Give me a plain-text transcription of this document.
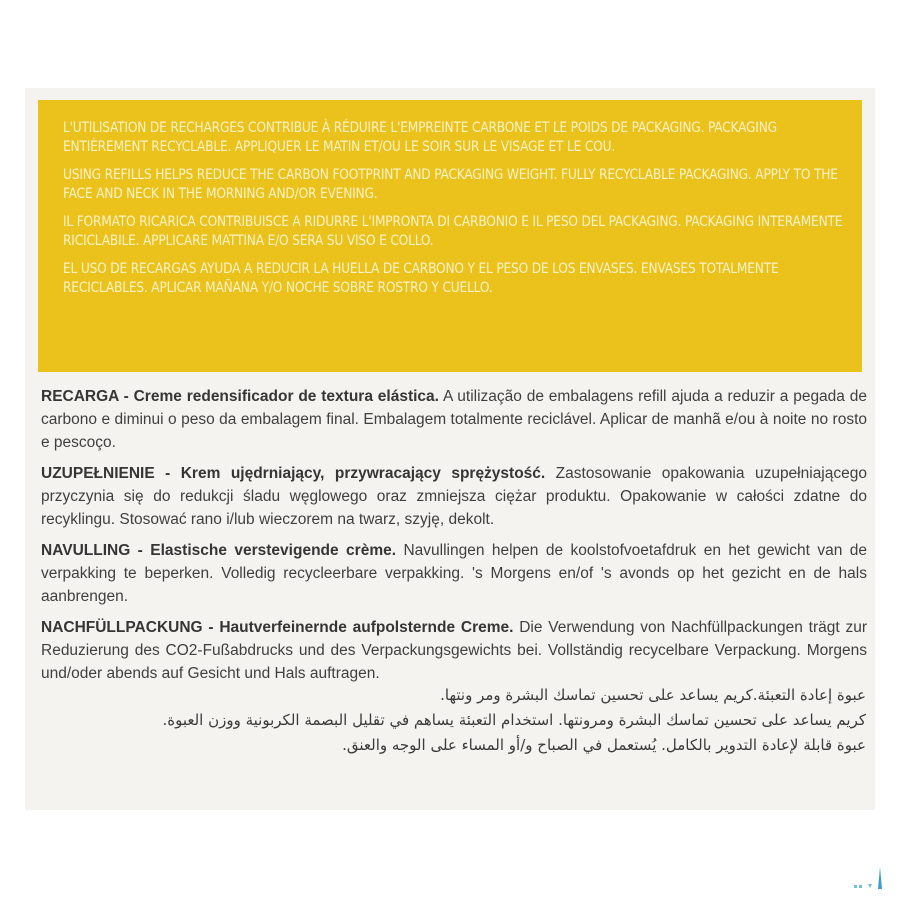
L'UTILISATION DE RECHARGES CONTRIBUE À RÉDUIRE L'EMPREINTE CARBONE ET LE POIDS DE PACKAGING. PACKAGING ENTIÈREMENT RECYCLABLE. APPLIQUER LE MATIN ET/OU LE SOIR SUR LE VISAGE ET LE COU.

USING REFILLS HELPS REDUCE THE CARBON FOOTPRINT AND PACKAGING WEIGHT. FULLY RECYCLABLE PACKAGING. APPLY TO THE FACE AND NECK IN THE MORNING AND/OR EVENING.

IL FORMATO RICARICA CONTRIBUISCE A RIDURRE L'IMPRONTA DI CARBONIO E IL PESO DEL PACKAGING. PACKAGING INTERAMENTE RICICLABILE. APPLICARE MATTINA E/O SERA SU VISO E COLLO.

EL USO DE RECARGAS AYUDA A REDUCIR LA HUELLA DE CARBONO Y EL PESO DE LOS ENVASES. ENVASES TOTALMENTE RECICLABLES. APLICAR MAÑANA Y/O NOCHE SOBRE ROSTRO Y CUELLO.

RECARGA - Creme redensificador de textura elástica. A utilização de embalagens refill ajuda a reduzir a pegada de carbono e diminui o peso da embalagem final. Embalagem totalmente reciclável. Aplicar de manhã e/ou à noite no rosto e pescoço.

UZUPEŁNIENIE - Krem ujędrniający, przywracający sprężystość. Zastosowanie opakowania uzupełniającego przyczynia się do redukcji śladu węglowego oraz zmniejsza ciężar produktu. Opakowanie w całości zdatne do recyklingu. Stosować rano i/lub wieczorem na twarz, szyję, dekolt.

NAVULLING - Elastische verstevigende crème. Navullingen helpen de koolstofvoetafdruk en het gewicht van de verpakking te beperken. Volledig recycleerbare verpakking. 's Morgens en/of 's avonds op het gezicht en de hals aanbrengen.

NACHFÜLLPACKUNG - Hautverfeinernde aufpolsternde Creme. Die Verwendung von Nachfüllpackungen trägt zur Reduzierung des CO2-Fußabdrucks und des Verpackungsgewichts bei. Vollständig recycelbare Verpackung. Morgens und/oder abends auf Gesicht und Hals auftragen.

عبوة إعادة التعبئة.كريم يساعد على تحسين تماسك البشرة ومر ونتها.
كريم يساعد على تحسين تماسك البشرة ومرونتها. استخدام التعبئة يساهم في تقليل البصمة الكربونية ووزن العبوة.
عبوة قابلة لإعادة التدوير بالكامل. يُستعمل في الصباح و/أو المساء على الوجه والعنق.
